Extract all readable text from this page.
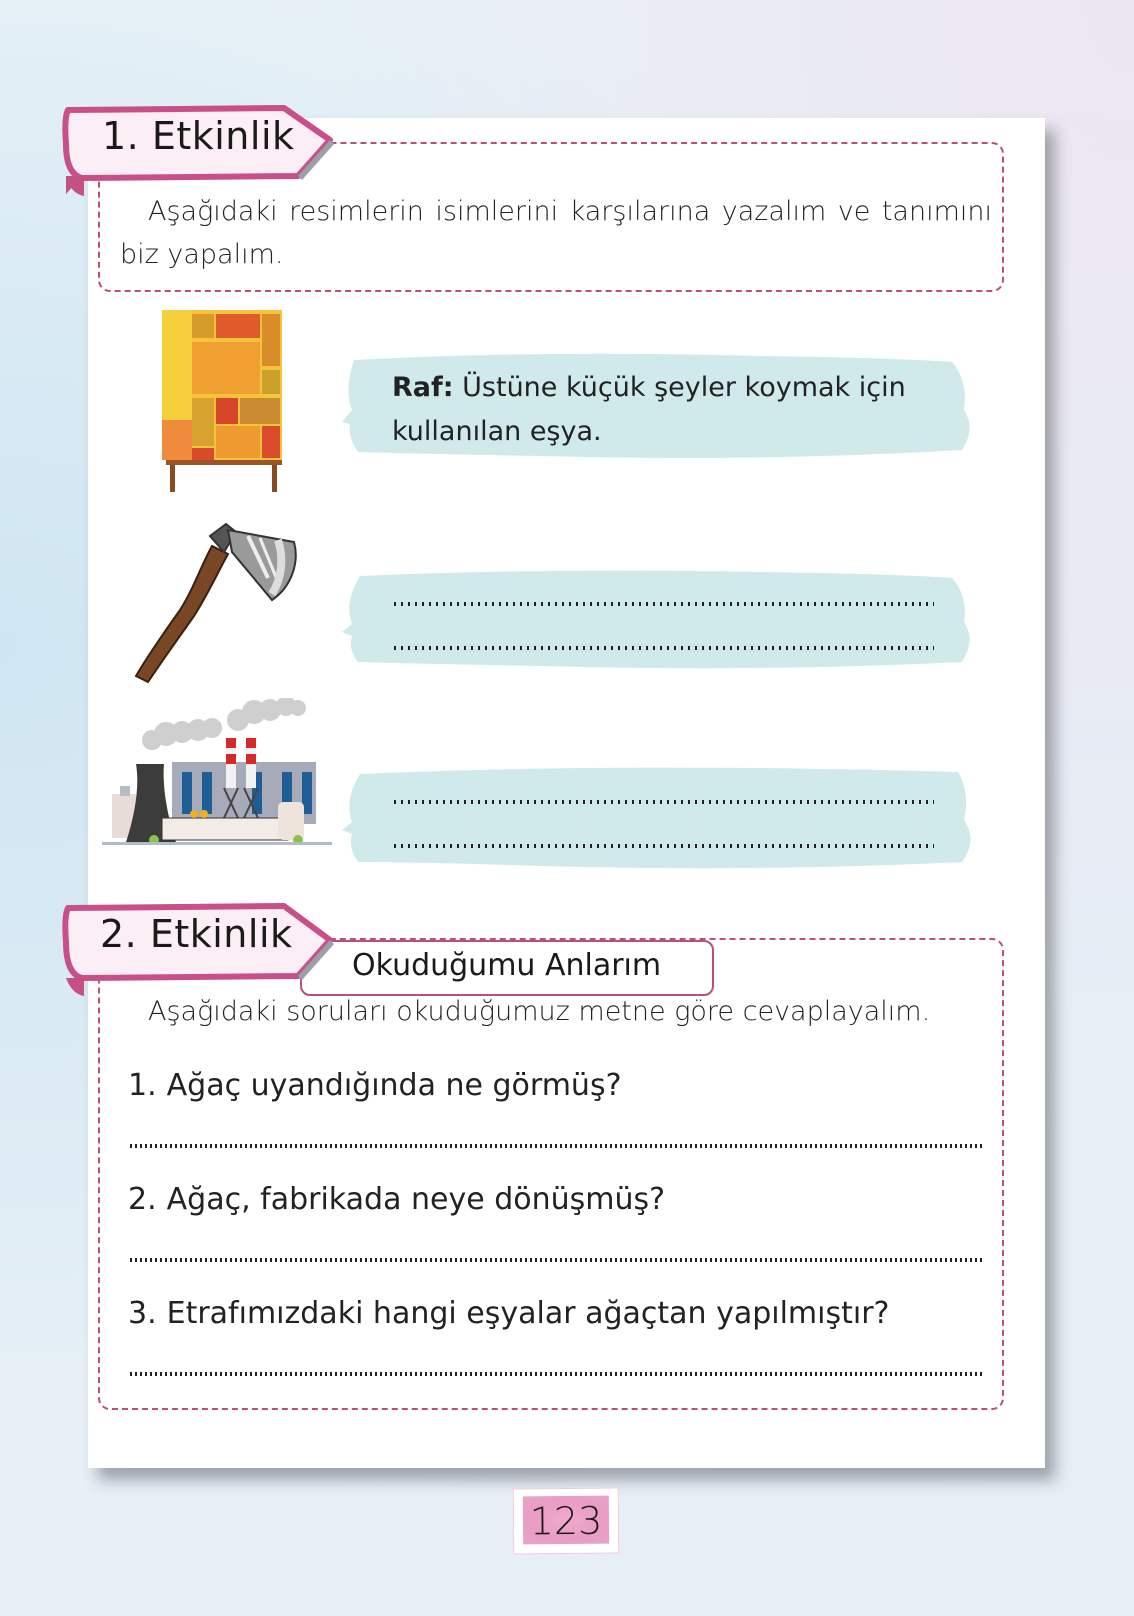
Aşağıdaki resimlerin isimlerini karşılarına yazalım ve tanımını biz yapalım.
Raf: Üstüne küçük şeyler koymak için kullanılan eşya.
Okuduğumu Anlarım
Aşağıdaki soruları okuduğumuz metne göre cevaplayalım.
1. Ağaç uyandığında ne görmüş?
2. Ağaç, fabrikada neye dönüşmüş?
3. Etrafımızdaki hangi eşyalar ağaçtan yapılmıştır?
1. Etkinlik
2. Etkinlik
123
